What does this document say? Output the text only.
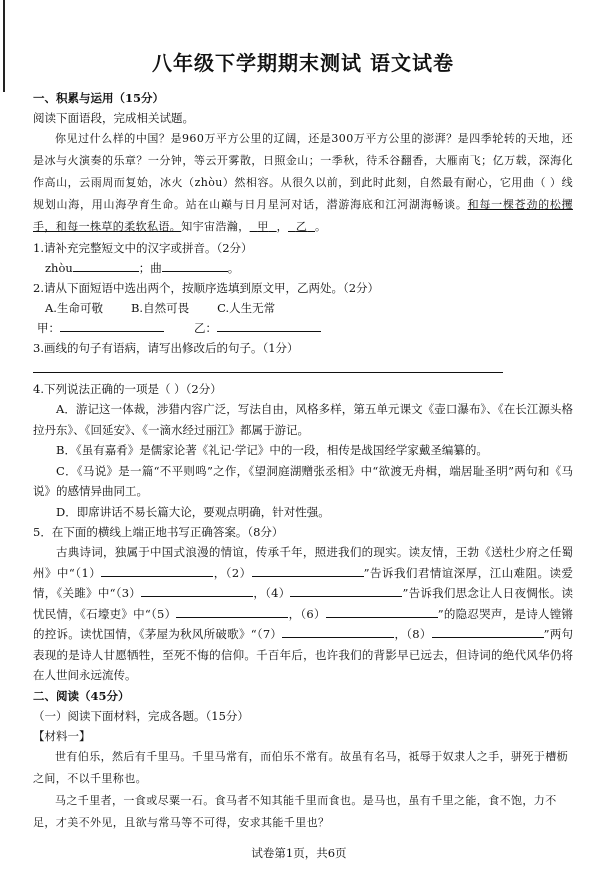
八年级下学期期末测试 语文试卷

一、积累与运用（15分）

阅读下面语段，完成相关试题。

你见过什么样的中国？是960万平方公里的辽阔，还是300万平方公里的澎湃？是四季轮转的天地，还是冰与火演奏的乐章？一分钟，等云开雾散，日照金山；一季秋，待禾谷翻香，大雁南飞；亿万载，深海化作高山，云雨周而复始，冰火（zhòu）然相容。从很久以前，到此时此刻，自然最有耐心，它用曲（ ）线规划山海，用山海孕育生命。站在山巅与日月星河对话，潜游海底和江河湖海畅谈。和每一棵苍劲的松攫手，和每一株草的柔软私语。知宇宙浩瀚， 甲 ， 乙 。

1.请补充完整短文中的汉字或拼音。（2分）

zhòu	；曲	。

2.请从下面短语中选出两个，按顺序选填到原文甲，乙两处。（2分）

A.生命可敬 B.自然可畏 C.人生无常

甲：	乙：

3.画线的句子有语病，请写出修改后的句子。（1分）

4.下列说法正确的一项是（ ）（2分）

A．游记这一体裁，涉猎内容广泛，写法自由，风格多样，第五单元课文《壶口瀑布》、《在长江源头格拉丹东》、《回延安》、《一滴水经过丽江》都属于游记。

B．《虽有嘉肴》是儒家论著《礼记·学记》中的一段，相传是战国经学家戴圣编纂的。

C．《马说》是一篇“不平则鸣”之作，《望洞庭湖赠张丞相》中“欲渡无舟楫，端居耻圣明”两句和《马说》的感情异曲同工。

D．即席讲话不易长篇大论，要观点明确，针对性强。

5．在下面的横线上端正地书写正确答案。（8分）

古典诗词，独属于中国式浪漫的情谊，传承千年，照进我们的现实。读友情，王勃《送杜少府之任蜀州》中“（1）	，（2）	”告诉我们君情谊深厚，江山难阻。读爱情，《关雎》中“（3）	，（4）	”告诉我们思念让人日夜惆怅。读忧民情，《石壕吏》中“（5）	，（6）	”的隐忍哭声，是诗人镗锵的控诉。读忧国情，《茅屋为秋风所破歌》“（7）	，（8）	”两句表现的是诗人甘愿牺牲，至死不悔的信仰。千百年后，也许我们的背影早已远去，但诗词的绝代风华仍将在人世间永远流传。

二、阅读（45分）

（一）阅读下面材料，完成各题。（15分）

【材料一】

世有伯乐，然后有千里马。千里马常有，而伯乐不常有。故虽有名马，祗辱于奴隶人之手，骈死于槽枥之间，不以千里称也。

马之千里者，一食或尽粟一石。食马者不知其能千里而食也。是马也，虽有千里之能，食不饱，力不足，才美不外见，且欲与常马等不可得，安求其能千里也？

试卷第1页，共6页
